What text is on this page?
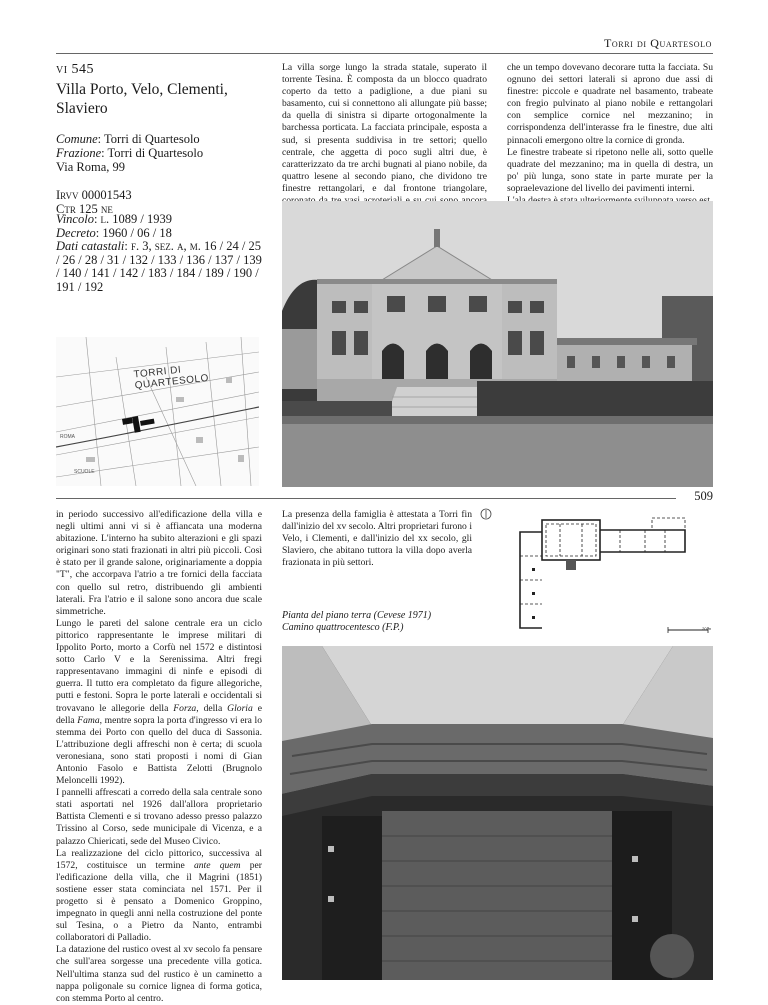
Torri di Quartesolo
vi 545
Villa Porto, Velo, Clementi, Slaviero
Comune: Torri di Quartesolo
Frazione: Torri di Quartesolo
Via Roma, 99
Irvv 00001543
Ctr 125 ne
Vincolo: l. 1089 / 1939
Decreto: 1960 / 06 / 18
Dati catastali: f. 3, sez. a, m. 16 / 24 / 25 / 26 / 28 / 31 / 132 / 133 / 136 / 137 / 139 / 140 / 141 / 142 / 183 / 184 / 189 / 190 / 191 / 192
TORRI DI QUARTESOLO
ROMA
SCUOLE

La villa sorge lungo la strada statale, superato il torrente Tesina. È composta da un blocco quadrato coperto da tetto a padiglione, a due piani su basamento, cui si connettono ali allungate più basse; da quella di sinistra si diparte ortogonalmente la barchessa porticata. La facciata principale, esposta a sud, si presenta suddivisa in tre settori; quello centrale, che aggetta di poco sugli altri due, è caratterizzato da tre archi bugnati al piano nobile, da quattro lesene al secondo piano, che dividono tre finestre rettangolari, e dal frontone triangolare,

che un tempo dovevano decorare tutta la facciata. Su ognuno dei settori laterali si aprono due assi di finestre: piccole e quadrate nel basamento, trabeate con fregio pulvinato al piano nobile e rettangolari con semplice cornice nel mezzanino; in corrispondenza dell'interasse fra le finestre, due alti pinnacoli emergono oltre la cornice di gronda.

Le finestre trabeate si ripetono nelle ali, sotto quelle quadrate del mezzanino; ma in quella di destra, un po' più lunga, sono state in parte murate per la sopraelevazione del livello dei pavimenti interni.

509

in periodo successivo all'edificazione della villa e negli ultimi anni vi si è affiancata una moderna abitazione. L'interno ha subito alterazioni e gli spazi originari sono stati frazionati in altri più piccoli. Così è stato per il grande salone, originariamente a doppia "T", che accorpava l'atrio a tre fornici della facciata con quello sul retro, distribuendo gli ambienti laterali. Fra l'atrio e il salone sono ancora due scale simmetriche.

Lungo le pareti del salone centrale era un ciclo pittorico rappresentante le imprese militari di Ippolito Porto, morto a Corfù nel 1572 e distintosi sotto Carlo V e la Serenissima. Altri fregi rappresentavano immagini di ninfe e episodi di guerra. Il tutto era completato da figure allegoriche, putti e festoni. Sopra le porte laterali e occidentali si trovavano le allegorie della Forza, della Gloria e della Fama, mentre sopra la porta d'ingresso vi era lo stemma dei Porto con quello del duca di Sassonia. L'attribuzione degli affreschi non è certa; di scuola veronesiana, sono stati proposti i nomi di Gian Antonio Fasolo e Battista Zelotti (Brugnolo Meloncelli 1992).

I pannelli affrescati a corredo della sala centrale sono stati asportati nel 1926 dall'allora proprietario Battista Clementi e si trovano adesso presso palazzo Trissino al Corso, sede municipale di Vicenza, e a palazzo Chiericati, sede del Museo Civico.

La realizzazione del ciclo pittorico, successiva al 1572, costituisce un termine ante quem per l'edificazione della villa, che il Magrini (1851) sostiene esser stata cominciata nel 1571. Per il progetto si è pensato a Domenico Groppino, impegnato in quegli anni nella costruzione del ponte sul Tesina, o a Pietro da Nanto, entrambi collaboratori di Palladio.

La datazione del rustico ovest al xv secolo fa pensare che sull'area sorgesse una precedente villa gotica. Nell'ultima stanza sud del rustico è un caminetto a nappa poligonale su cornice lignea di forma gotica, con stemma Porto al centro.

La presenza della famiglia è attestata a Torri fin dall'inizio del xv secolo. Altri proprietari furono i Velo, i Clementi, e dall'inizio del xx secolo, gli Slaviero, che abitano tuttora la villa dopo averla frazionata in più settori.

Pianta del piano terra (Cevese 1971)
Camino quattrocentesco (F.P.)	20 m
